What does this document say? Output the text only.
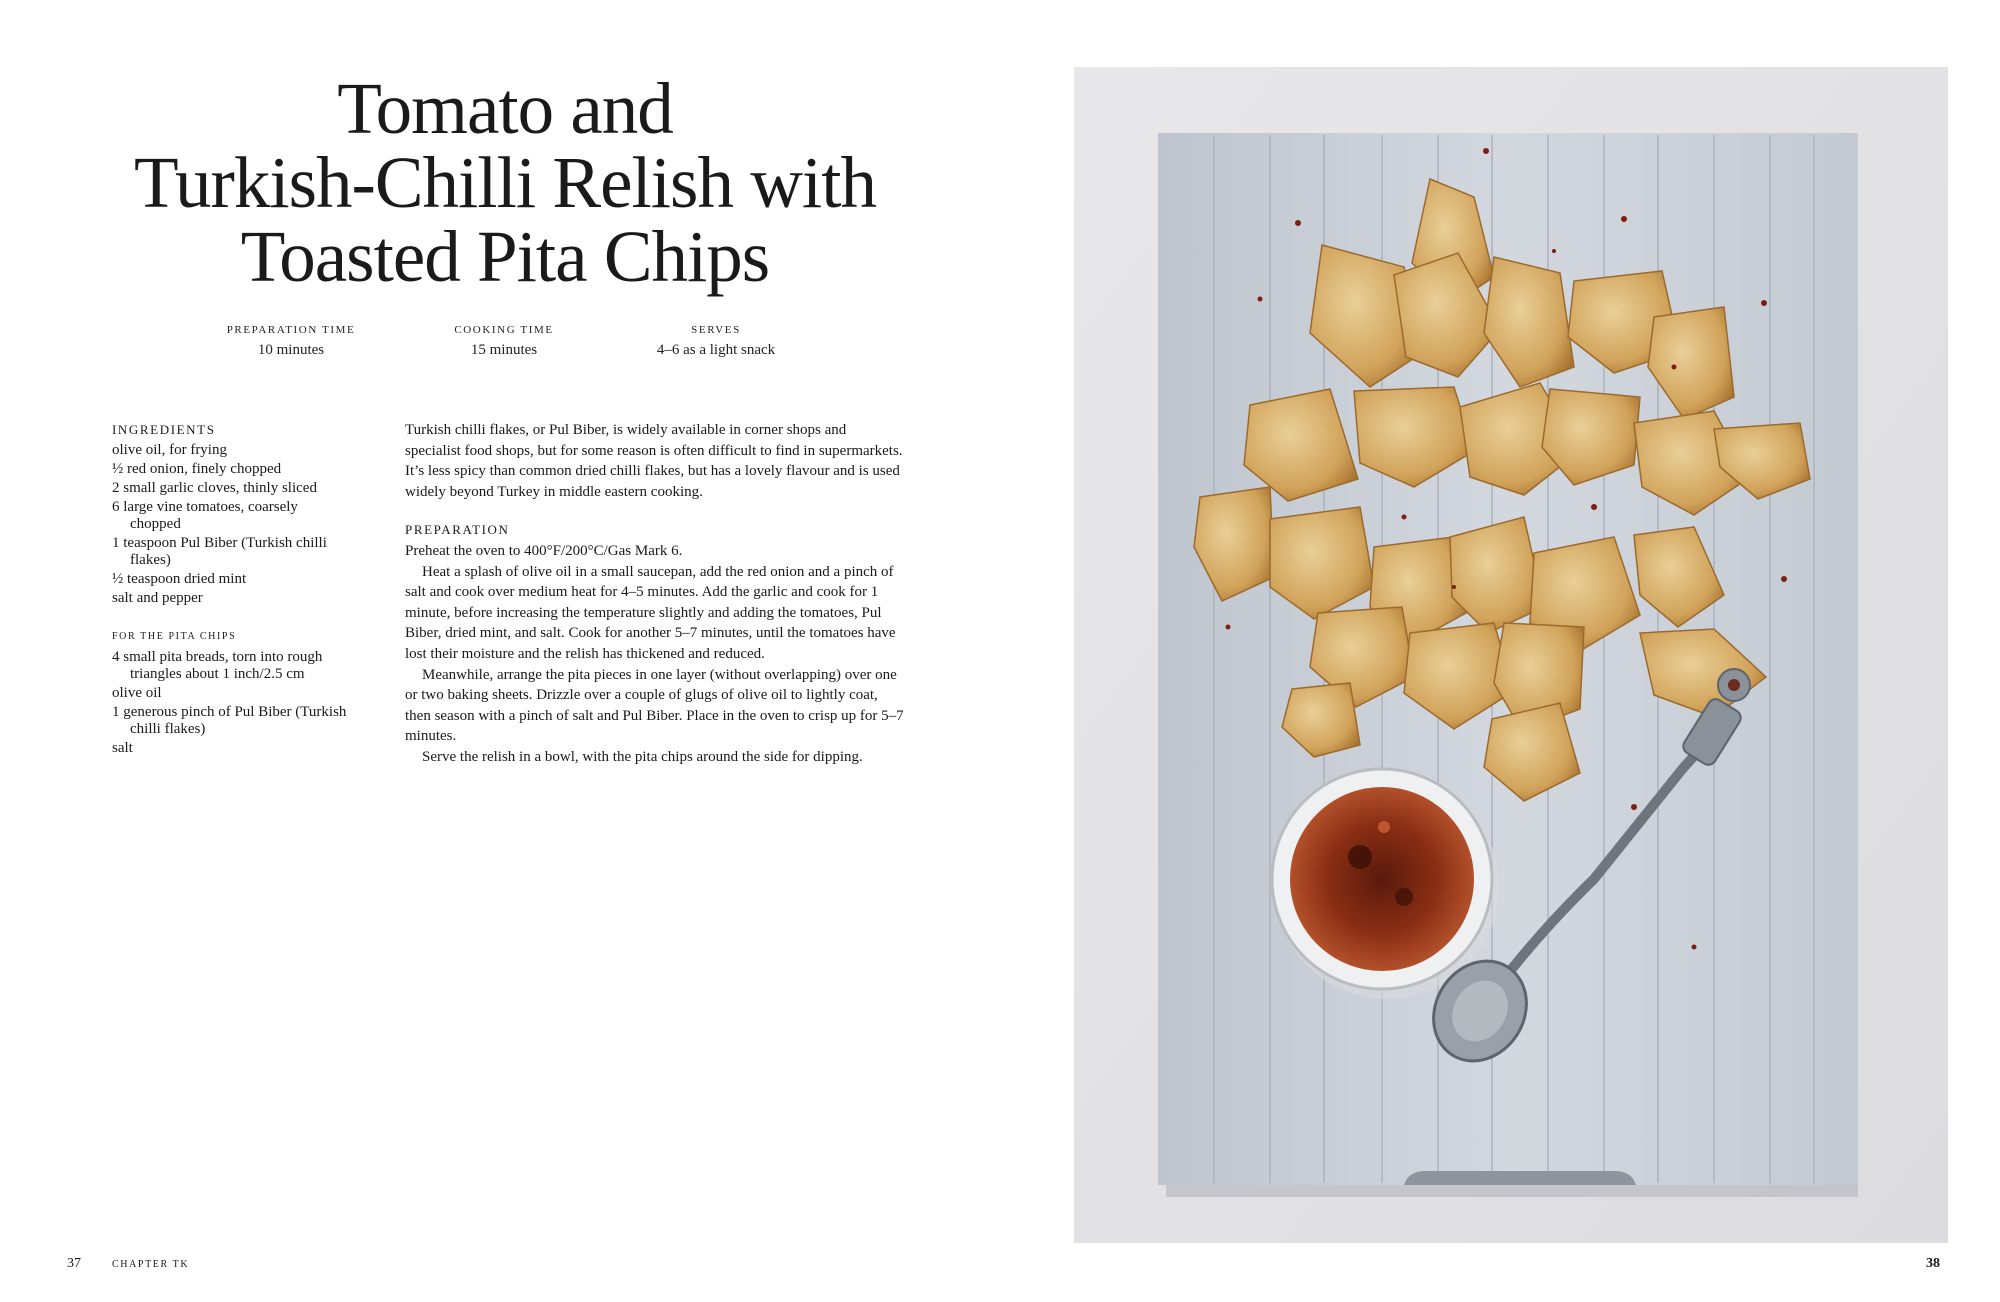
Tomato and
Turkish-Chilli Relish with
Toasted Pita Chips
PREPARATION TIME
10 minutes
COOKING TIME
15 minutes
SERVES
4–6 as a light snack
INGREDIENTS
olive oil, for frying
½ red onion, finely chopped
2 small garlic cloves, thinly sliced
6 large vine tomatoes, coarsely chopped
1 teaspoon Pul Biber (Turkish chilli flakes)
½ teaspoon dried mint
salt and pepper
FOR THE PITA CHIPS
4 small pita breads, torn into rough triangles about 1 inch/2.5 cm
olive oil
1 generous pinch of Pul Biber (Turkish chilli flakes)
salt

Turkish chilli flakes, or Pul Biber, is widely available in corner shops and specialist food shops, but for some reason is often difficult to find in supermarkets. It’s less spicy than common dried chilli flakes, but has a lovely flavour and is used widely beyond Turkey in middle eastern cooking.

PREPARATION

Preheat the oven to 400°F/200°C/Gas Mark 6.

Heat a splash of olive oil in a small saucepan, add the red onion and a pinch of salt and cook over medium heat for 4–5 minutes. Add the garlic and cook for 1 minute, before increasing the temperature slightly and adding the tomatoes, Pul Biber, dried mint, and salt. Cook for another 5–7 minutes, until the tomatoes have lost their moisture and the relish has thickened and reduced.

Meanwhile, arrange the pita pieces in one layer (without overlapping) over one or two baking sheets. Drizzle over a couple of glugs of olive oil to lightly coat, then season with a pinch of salt and Pul Biber. Place in the oven to crisp up for 5–7 minutes.

Serve the relish in a bowl, with the pita chips around the side for dipping.

37	CHAPTER TK	38
